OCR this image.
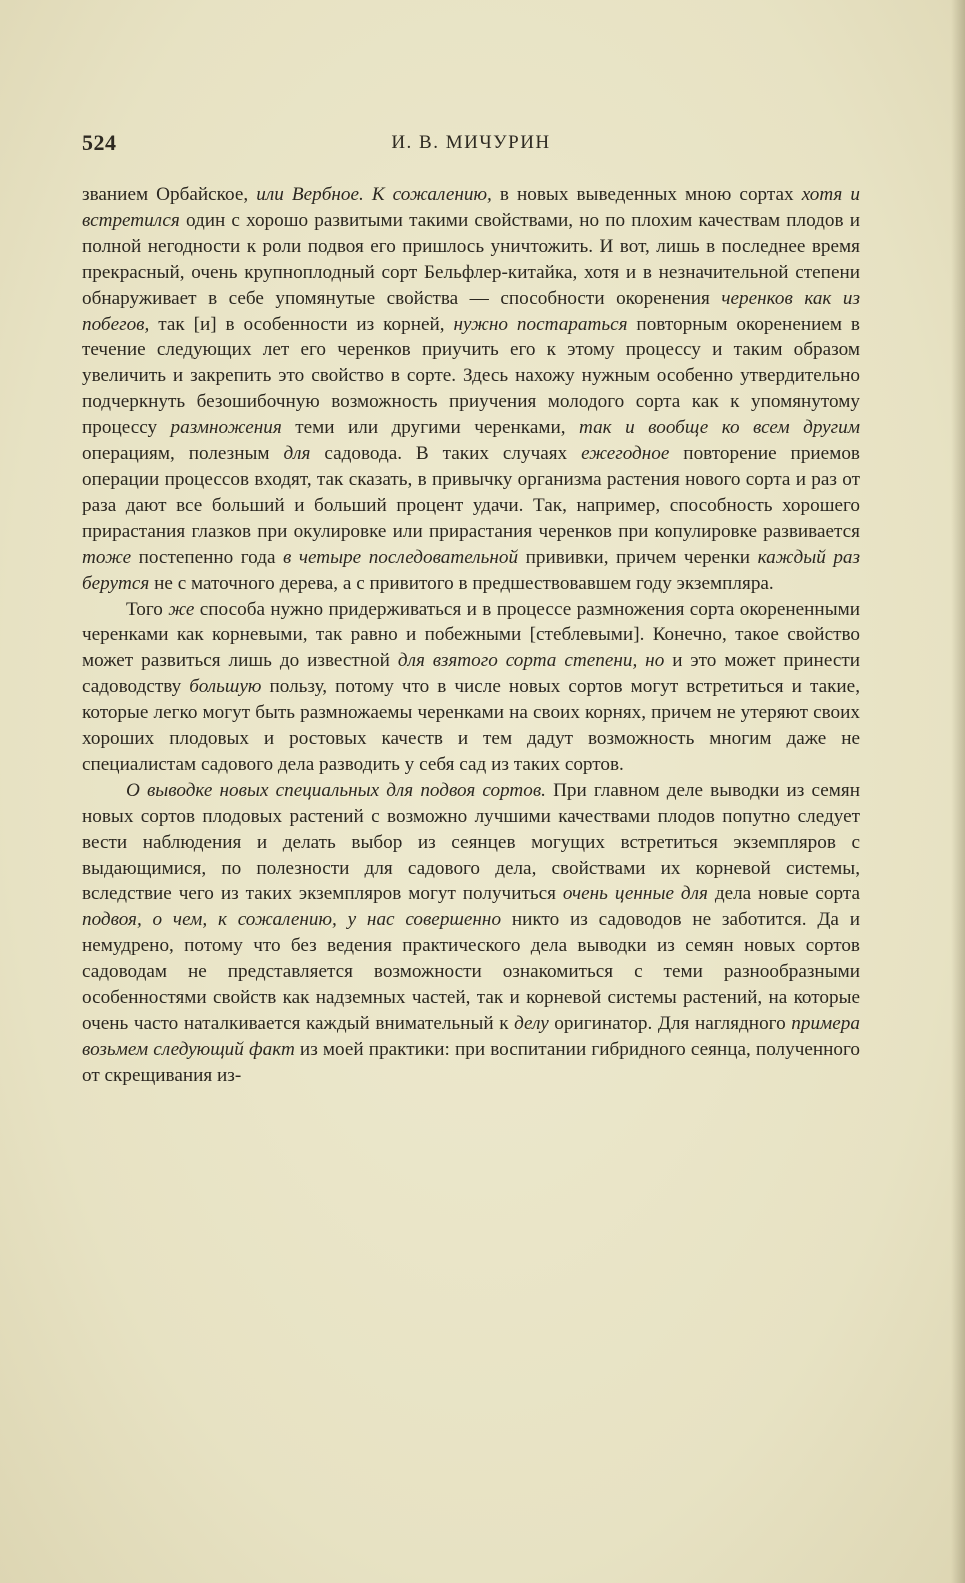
524	И. В. МИЧУРИН

званием Орбайское, или Вербное. К сожалению, в новых выведенных мною сортах хотя и встретился один с хорошо развитыми такими свойствами, но по плохим качествам плодов и полной негодности к роли подвоя его пришлось уничтожить. И вот, лишь в последнее время прекрасный, очень крупноплодный сорт Бельфлер-китайка, хотя и в незначительной степени обнаруживает в себе упомянутые свойства — способности окоренения черенков как из побегов, так [и] в особенности из корней, нужно постараться повторным окоренением в течение следующих лет его черенков приучить его к этому процессу и таким образом увеличить и закрепить это свойство в сорте. Здесь нахожу нужным особенно утвердительно подчеркнуть безошибочную возможность приучения молодого сорта как к упомянутому процессу размножения теми или другими черенками, так и вообще ко всем другим операциям, полезным для садовода. В таких случаях ежегодное повторение приемов операции процессов входят, так сказать, в привычку организма растения нового сорта и раз от раза дают все больший и больший процент удачи. Так, например, способность хорошего прирастания глазков при окулировке или прирастания черенков при копулировке развивается тоже постепенно года в четыре последовательной прививки, причем черенки каждый раз берутся не с маточного дерева, а с привитого в предшествовавшем году экземпляра.

Того же способа нужно придерживаться и в процессе размножения сорта окорененными черенками как корневыми, так равно и побежными [стеблевыми]. Конечно, такое свойство может развиться лишь до известной для взятого сорта степени, но и это может принести садоводству большую пользу, потому что в числе новых сортов могут встретиться и такие, которые легко могут быть размножаемы черенками на своих корнях, причем не утеряют своих хороших плодовых и ростовых качеств и тем дадут возможность многим даже не специалистам садового дела разводить у себя сад из таких сортов.

О выводке новых специальных для подвоя сортов. При главном деле выводки из семян новых сортов плодовых растений с возможно лучшими качествами плодов попутно следует вести наблюдения и делать выбор из сеянцев могущих встретиться экземпляров с выдающимися, по полезности для садового дела, свойствами их корневой системы, вследствие чего из таких экземпляров могут получиться очень ценные для дела новые сорта подвоя, о чем, к сожалению, у нас совершенно никто из садоводов не заботится. Да и немудрено, потому что без ведения практического дела выводки из семян новых сортов садоводам не представляется возможности ознакомиться с теми разнообразными особенностями свойств как надземных частей, так и корневой системы растений, на которые очень часто наталкивается каждый внимательный к делу оригинатор. Для наглядного примера возьмем следующий факт из моей практики: при воспитании гибридного сеянца, полученного от скрещивания из-
